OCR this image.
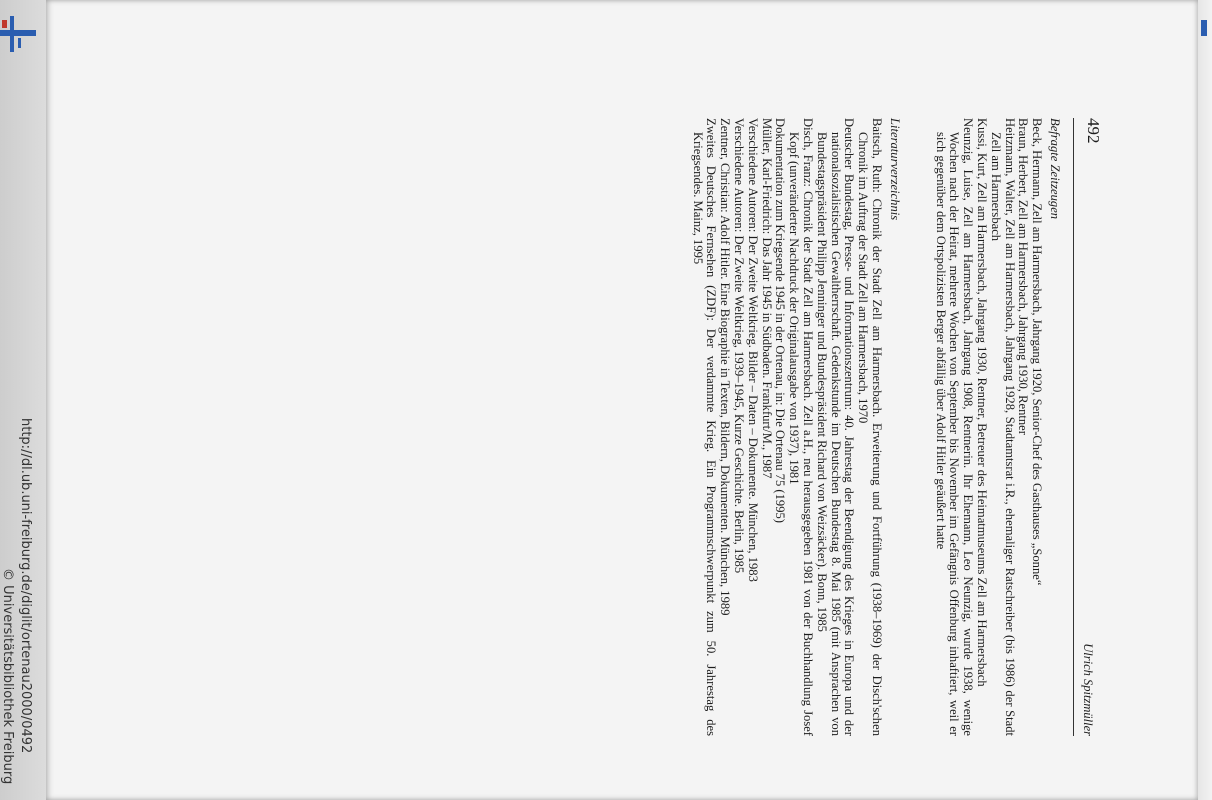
492
Ulrich Spitzmüller
Befragte Zeitzeugen

Beck, Hermann, Zell am Harmersbach, Jahrgang 1920, Senior-Chef des Gasthauses „Sonne“

Braun, Herbert, Zell am Harmersbach, Jahrgang 1930, Rentner

Heitzmann, Walter, Zell am Harmersbach, Jahrgang 1928, Stadtamtsrat i.R., ehemaliger Ratschreiber (bis 1986) der Stadt Zell am Harmersbach

Kussi, Kurt, Zell am Harmersbach, Jahrgang 1930, Rentner, Betreuer des Heimatmuseums Zell am Harmersbach

Neunzig, Luise, Zell am Harmersbach, Jahrgang 1908, Rentnerin. Ihr Ehemann, Leo Neunzig, wurde 1938, wenige Wochen nach der Heirat, mehrere Wochen von September bis November im Gefängnis Offenburg inhaftiert, weil er sich gegenüber dem Ortspolizisten Berger abfällig über Adolf Hitler geäußert hatte

Literaturverzeichnis

Baitsch, Ruth: Chronik der Stadt Zell am Harmersbach. Erweiterung und Fortführung (1938–1969) der Disch'schen Chronik im Auftrag der Stadt Zell am Harmersbach, 1970

Deutscher Bundestag, Presse- und Informationszentrum: 40. Jahrestag der Beendigung des Krieges in Europa und der nationalsozialistischen Gewaltherrschaft. Gedenkstunde im Deutschen Bundestag 8. Mai 1985 (mit Ansprachen von Bundestagspräsident Philipp Jenninger und Bundespräsident Richard von Weizsäcker). Bonn, 1985

Disch, Franz: Chronik der Stadt Zell am Harmersbach. Zell a.H., neu herausgegeben 1981 von der Buchhandlung Josef Kopf (unveränderter Nachdruck der Originalausgabe von 1937), 1981

Dokumentation zum Kriegsende 1945 in der Ortenau, in: Die Ortenau 75 (1995)

Müller, Karl-Friedrich: Das Jahr 1945 in Südbaden. Frankfurt/M., 1987

Verschiedene Autoren: Der Zweite Weltkrieg. Bilder – Daten – Dokumente. München, 1983

Verschiedene Autoren: Der Zweite Weltkrieg, 1939–1945, Kurze Geschichte. Berlin, 1985

Zentner, Christian: Adolf Hitler. Eine Biographie in Texten, Bildern, Dokumenten. München, 1989

Zweites Deutsches Fernsehen (ZDF): Der verdammte Krieg. Ein Programmschwerpunkt zum 50. Jahrestag des Kriegsendes. Mainz, 1995

http://dl.ub.uni-freiburg.de/diglit/ortenau2000/0492
© Universitätsbibliothek Freiburg
